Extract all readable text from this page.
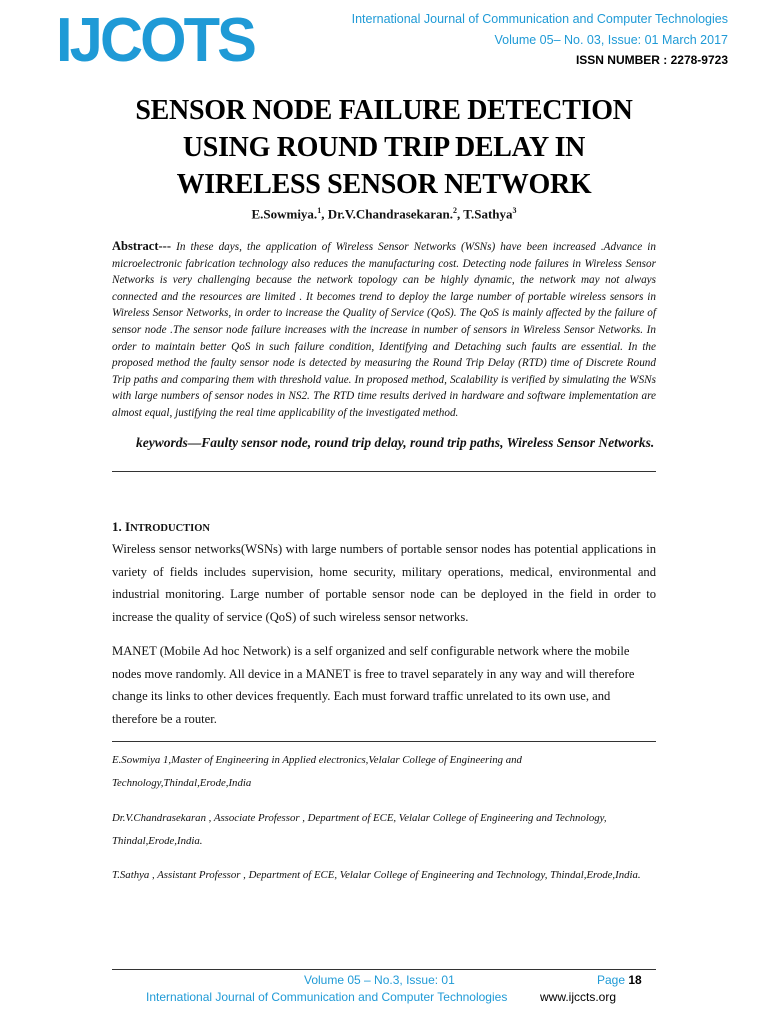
IJCOTS	International Journal of Communication and Computer Technologies
Volume 05– No. 03, Issue: 01 March 2017
ISSN NUMBER : 2278-9723
SENSOR NODE FAILURE DETECTION
USING ROUND TRIP DELAY IN
WIRELESS SENSOR NETWORK
E.Sowmiya.$^1$, Dr.V.Chandrasekaran.$^2$, T.Sathya$^3$
Abstract--- In these days, the application of Wireless Sensor Networks (WSNs) have been increased .Advance in microelectronic fabrication technology also reduces the manufacturing cost. Detecting node failures in Wireless Sensor Networks is very challenging because the network topology can be highly dynamic, the network may not always connected and the resources are limited . It becomes trend to deploy the large number of portable wireless sensors in Wireless Sensor Networks, in order to increase the Quality of Service (QoS). The QoS is mainly affected by the failure of sensor node .The sensor node failure increases with the increase in number of sensors in Wireless Sensor Networks. In order to maintain better QoS in such failure condition, Identifying and Detaching such faults are essential. In the proposed method the faulty sensor node is detected by measuring the Round Trip Delay (RTD) time of Discrete Round Trip paths and comparing them with threshold value. In proposed method, Scalability is verified by simulating the WSNs with large numbers of sensor nodes in NS2. The RTD time results derived in hardware and software implementation are almost equal, justifying the real time applicability of the investigated method.
keywords—Faulty sensor node, round trip delay, round trip paths, Wireless Sensor Networks.
1. INTRODUCTION
Wireless sensor networks(WSNs) with large numbers of portable sensor nodes has potential applications in variety of fields includes supervision, home security, military operations, medical, environmental and industrial monitoring. Large number of portable sensor node can be deployed in the field in order to increase the quality of service (QoS) of such wireless sensor networks.
MANET (Mobile Ad hoc Network) is a self organized and self configurable network where the mobile nodes move randomly. All device in a MANET is free to travel separately in any way and will therefore change its links to other devices frequently. Each must forward traffic unrelated to its own use, and therefore be a router.
E.Sowmiya 1,Master of Engineering in Applied electronics,Velalar College of Engineering and Technology,Thindal,Erode,India
Dr.V.Chandrasekaran , Associate Professor , Department of ECE, Velalar College of Engineering and Technology, Thindal,Erode,India.
T.Sathya , Assistant Professor , Department of ECE, Velalar College of Engineering and Technology, Thindal,Erode,India.
Volume 05 – No.3, Issue: 01	Page 18
International Journal of Communication and Computer Technologies	www.ijccts.org
